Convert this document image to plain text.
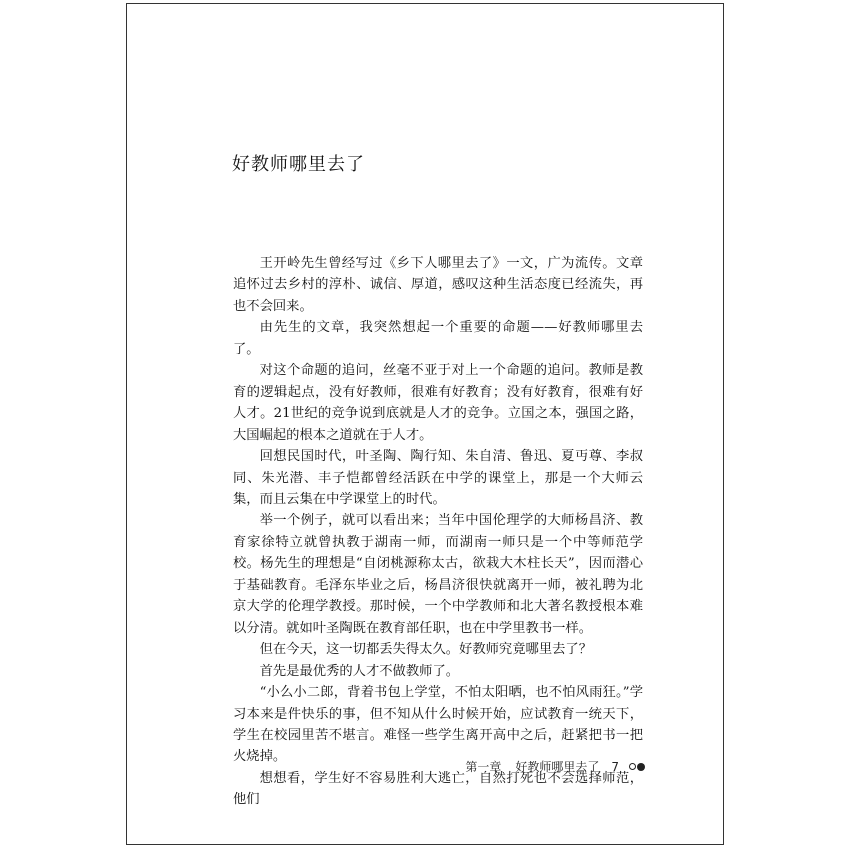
好教师哪里去了

王开岭先生曾经写过《乡下人哪里去了》一文，广为流传。文章追怀过去乡村的淳朴、诚信、厚道，感叹这种生活态度已经流失，再也不会回来。

由先生的文章，我突然想起一个重要的命题——好教师哪里去了。

对这个命题的追问，丝毫不亚于对上一个命题的追问。教师是教育的逻辑起点，没有好教师，很难有好教育；没有好教育，很难有好人才。21世纪的竞争说到底就是人才的竞争。立国之本，强国之路，大国崛起的根本之道就在于人才。

回想民国时代，叶圣陶、陶行知、朱自清、鲁迅、夏丏尊、李叔同、朱光潜、丰子恺都曾经活跃在中学的课堂上，那是一个大师云集，而且云集在中学课堂上的时代。

举一个例子，就可以看出来；当年中国伦理学的大师杨昌济、教育家徐特立就曾执教于湖南一师，而湖南一师只是一个中等师范学校。杨先生的理想是“自闭桃源称太古，欲栽大木柱长天”，因而潜心于基础教育。毛泽东毕业之后，杨昌济很快就离开一师，被礼聘为北京大学的伦理学教授。那时候，一个中学教师和北大著名教授根本难以分清。就如叶圣陶既在教育部任职，也在中学里教书一样。

但在今天，这一切都丢失得太久。好教师究竟哪里去了？

首先是最优秀的人才不做教师了。

“小么小二郎，背着书包上学堂，不怕太阳晒，也不怕风雨狂。”学习本来是件快乐的事，但不知从什么时候开始，应试教育一统天下，学生在校园里苦不堪言。难怪一些学生离开高中之后，赶紧把书一把火烧掉。

想想看，学生好不容易胜利大逃亡，自然打死也不会选择师范，他们

第一章 好教师哪里去了 7
